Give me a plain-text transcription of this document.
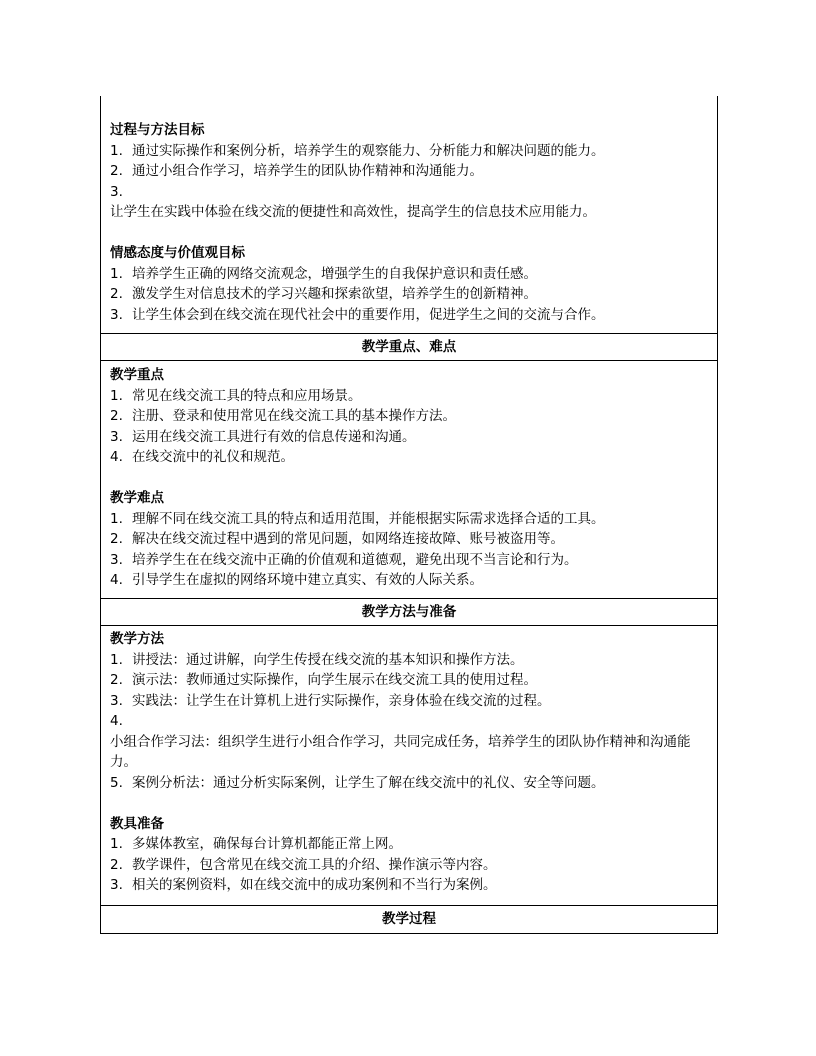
过程与方法目标
1. 通过实际操作和案例分析，培养学生的观察能力、分析能力和解决问题的能力。
2. 通过小组合作学习，培养学生的团队协作精神和沟通能力。
3.
让学生在实践中体验在线交流的便捷性和高效性，提高学生的信息技术应用能力。
情感态度与价值观目标
1. 培养学生正确的网络交流观念，增强学生的自我保护意识和责任感。
2. 激发学生对信息技术的学习兴趣和探索欲望，培养学生的创新精神。
3. 让学生体会到在线交流在现代社会中的重要作用，促进学生之间的交流与合作。
教学重点、难点
教学重点
1. 常见在线交流工具的特点和应用场景。
2. 注册、登录和使用常见在线交流工具的基本操作方法。
3. 运用在线交流工具进行有效的信息传递和沟通。
4. 在线交流中的礼仪和规范。
教学难点
1. 理解不同在线交流工具的特点和适用范围，并能根据实际需求选择合适的工具。
2. 解决在线交流过程中遇到的常见问题，如网络连接故障、账号被盗用等。
3. 培养学生在在线交流中正确的价值观和道德观，避免出现不当言论和行为。
4. 引导学生在虚拟的网络环境中建立真实、有效的人际关系。
教学方法与准备
教学方法
1. 讲授法：通过讲解，向学生传授在线交流的基本知识和操作方法。
2. 演示法：教师通过实际操作，向学生展示在线交流工具的使用过程。
3. 实践法：让学生在计算机上进行实际操作，亲身体验在线交流的过程。
4.
小组合作学习法：组织学生进行小组合作学习，共同完成任务，培养学生的团队协作精神和沟通能力。
5. 案例分析法：通过分析实际案例，让学生了解在线交流中的礼仪、安全等问题。
教具准备
1. 多媒体教室，确保每台计算机都能正常上网。
2. 教学课件，包含常见在线交流工具的介绍、操作演示等内容。
3. 相关的案例资料，如在线交流中的成功案例和不当行为案例。
教学过程
